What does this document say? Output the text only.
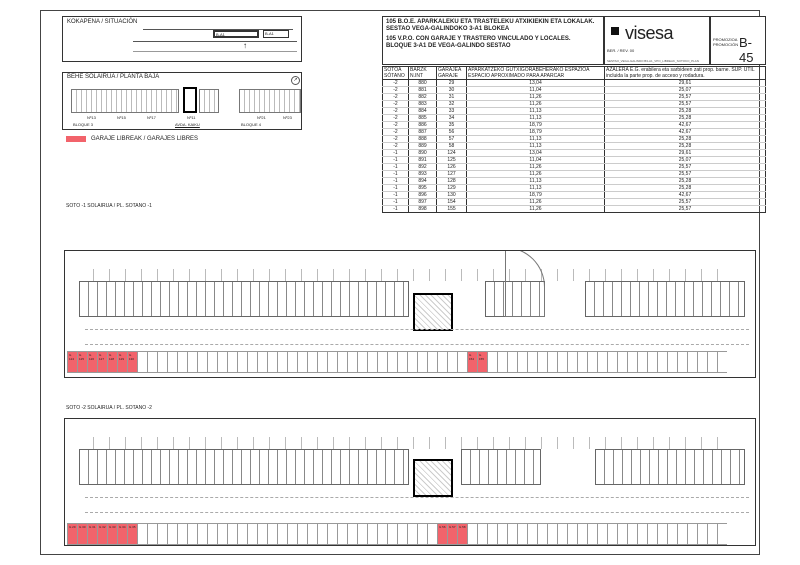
KOKAPENA / SITUACIÓN
B-A1	B-A1
↑
BEHE SOLAIRUA / PLANTA BAJA
Nº13	Nº15	Nº17	Nº11	Nº21	Nº23
BLOQUE 3	AVDA. KAIKU	BLOQUE 4
↗
GARAJE LIBREAK / GARAJES LIBRES
105 B.O.E. APARKALEKU ETA TRASTELEKU ATXIKIEKIN ETA LOKALAK.
SESTAO VEGA-GALINDOKO 3-A1 BLOKEA
105 V.P.O. CON GARAJE Y TRASTERO VINCULADO Y LOCALES.
BLOQUE 3-A1 DE VEGA-GALINDO SESTAO
visesa
BER. / REV. 00
SESTAO_VEGA-GALINDO B3-A1_VPO_LIBREAK_SOTOKO_PLAN
PROMOZIOA
PROMOCIÓN B-45
SOTOA SÓTANO	BARZK N.INT	GARAJEA GARAJE	APARKATZEKO GUTXIGORABEHERAKO ESPAZIOA ESPACIO APROXIMADO PARA APARCAR	AZALERA E.G. erabilera eta sarbideen zati prop. barne. SUP. ÚTIL incluida la parte prop. de acceso y rodadura.
-2	880	29	13,04	29,61
-2	881	30	11,04	25,07
-2	882	31	11,26	25,57
-2	883	32	11,26	25,57
-2	884	33	11,13	25,28
-2	885	34	11,13	25,28
-2	886	35	18,79	42,67
-2	887	56	18,79	42,67
-2	888	57	11,13	25,28
-2	889	58	11,13	25,28
-1	890	124	13,04	29,61
-1	891	125	11,04	25,07
-1	892	126	11,26	25,57
-1	893	127	11,26	25,57
-1	894	128	11,13	25,28
-1	895	129	11,13	25,28
-1	896	130	18,79	42,67
-1	897	154	11,26	25,57
-1	898	155	11,26	25,57
SOTO -1 SOLAIRUA / PL. SOTANO -1
G 124
G 125
G 126
G 127
G 128
G 129
G 130
G 154
G 155
SOTO -2 SOLAIRUA / PL. SOTANO -2
G 29	G 30	G 31	G 32	G 33	G 34	G 35	G 56	G 57	G 58
